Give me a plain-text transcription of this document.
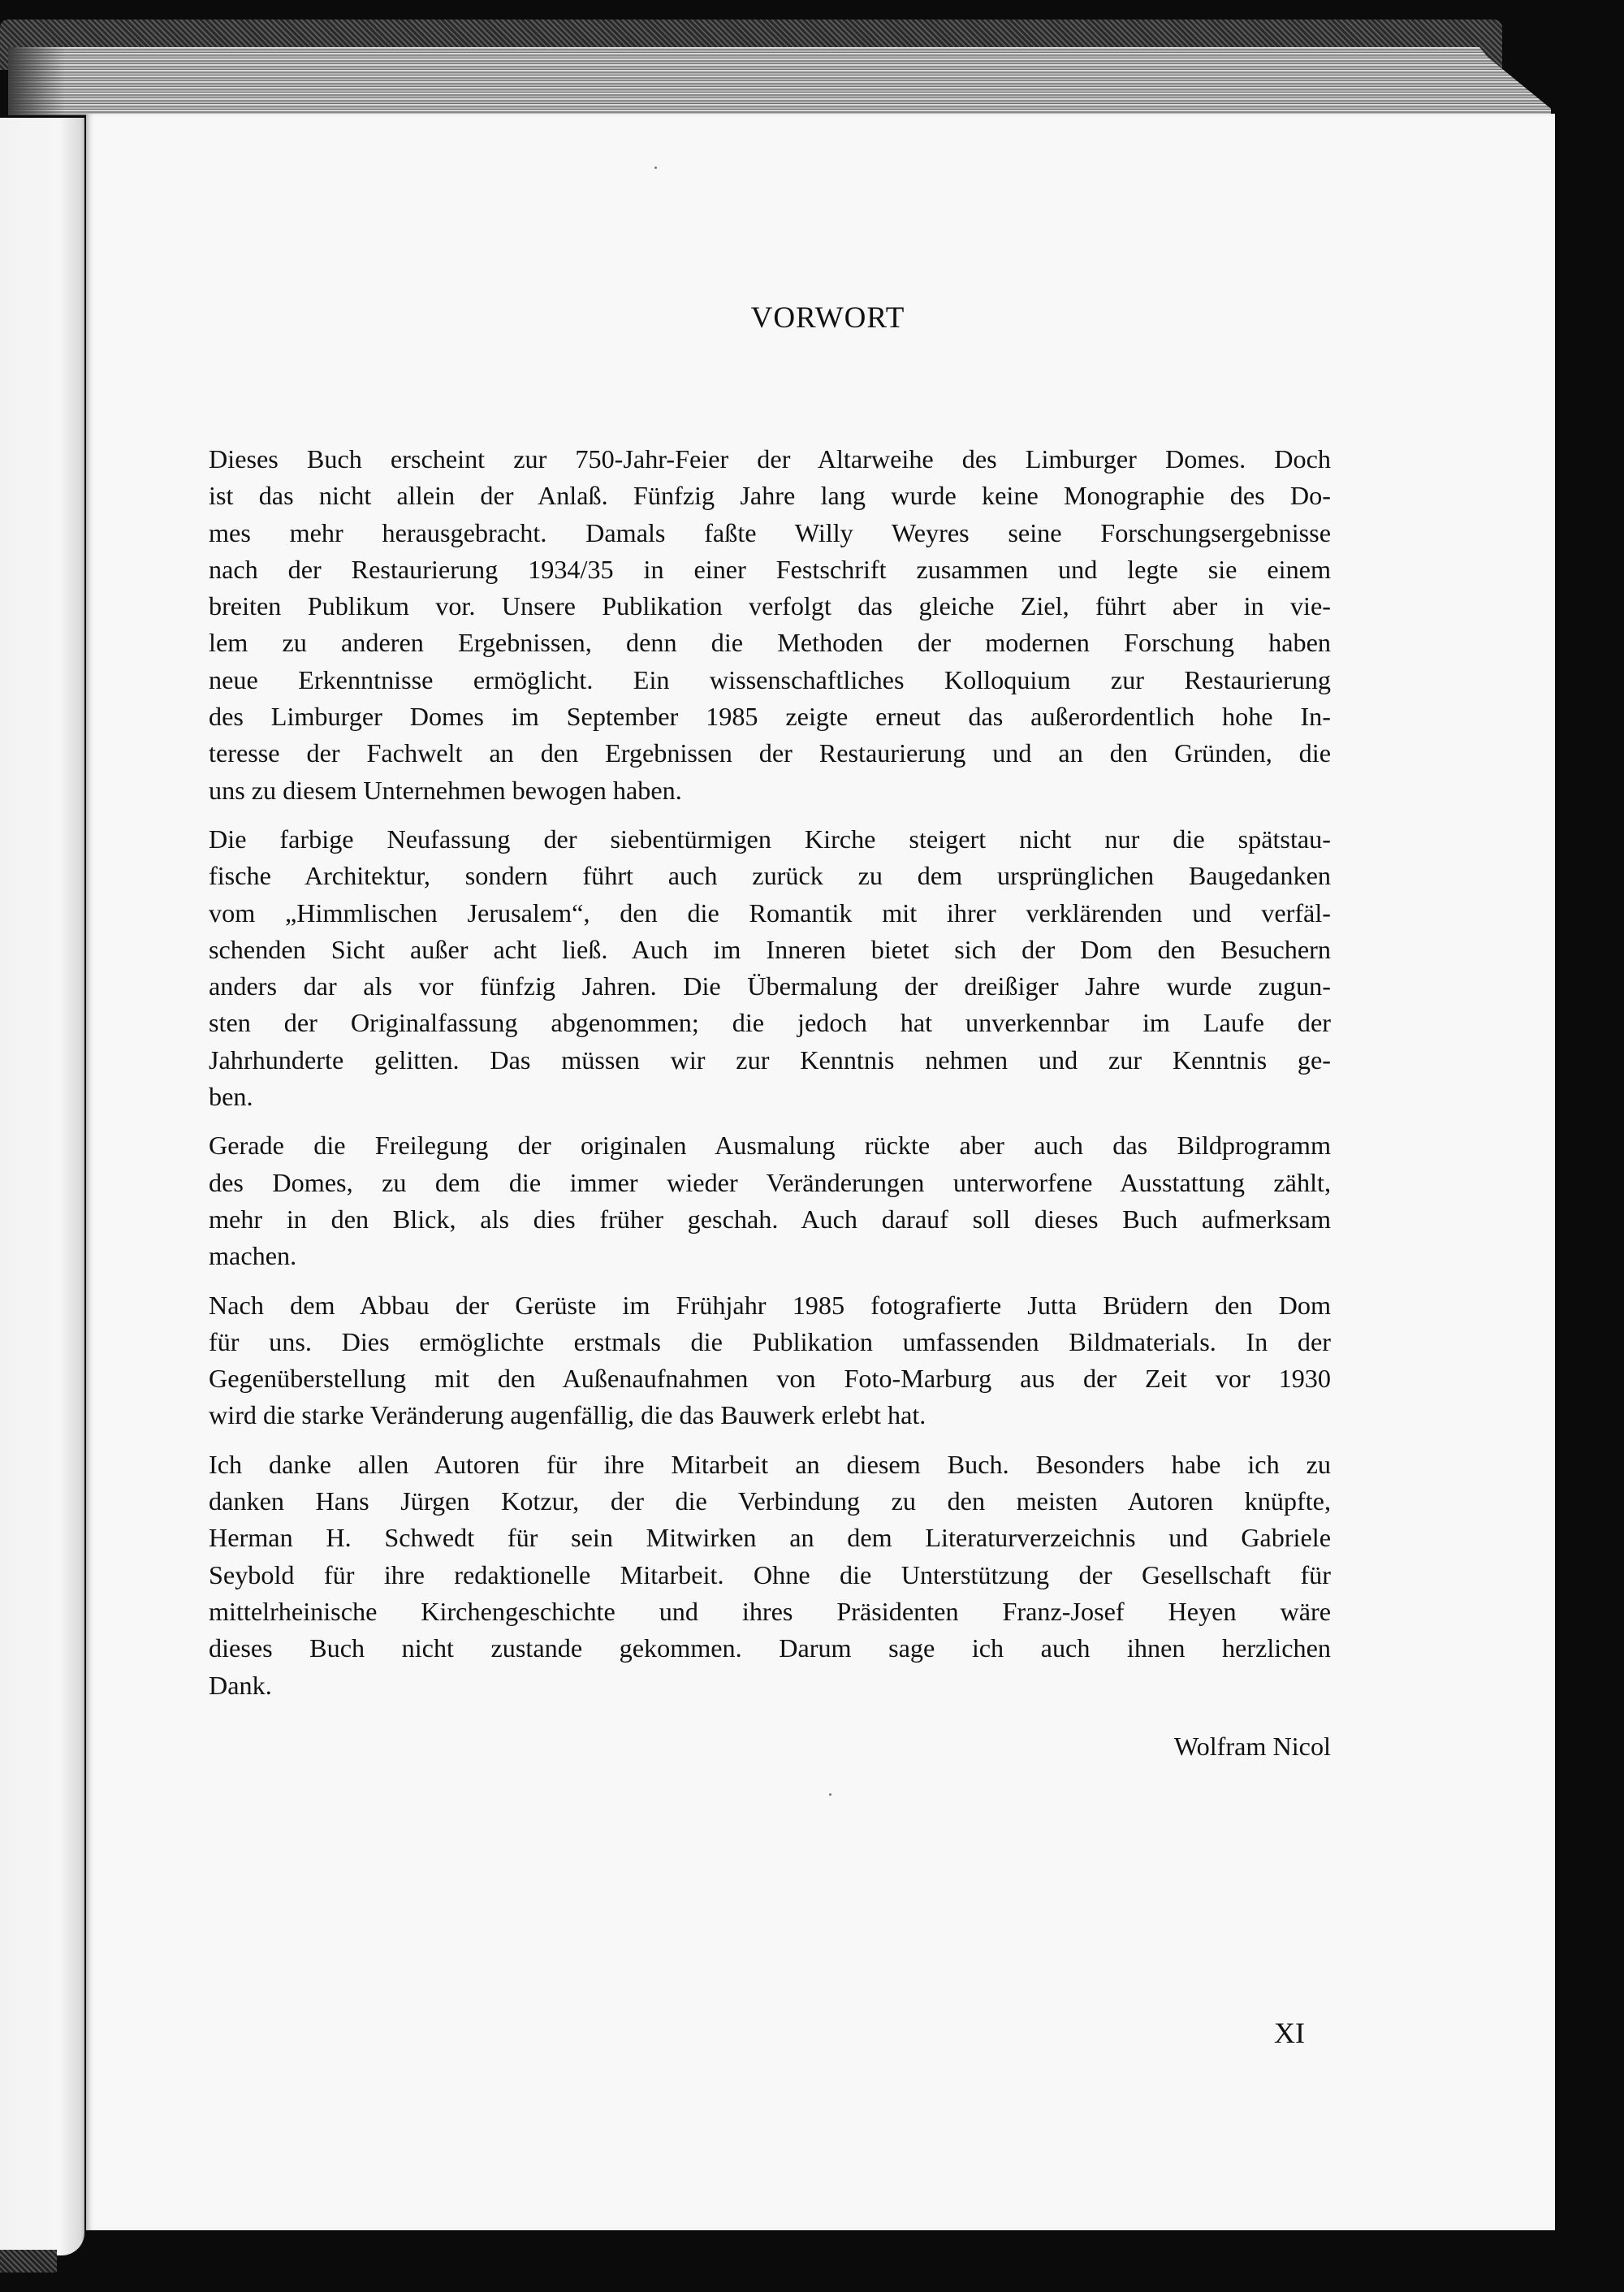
VORWORT

Dieses Buch erscheint zur 750-Jahr-Feier der Altarweihe des Limburger Domes. Doch
ist das nicht allein der Anlaß. Fünfzig Jahre lang wurde keine Monographie des Do-
mes mehr herausgebracht. Damals faßte Willy Weyres seine Forschungsergebnisse
nach der Restaurierung 1934/35 in einer Festschrift zusammen und legte sie einem
breiten Publikum vor. Unsere Publikation verfolgt das gleiche Ziel, führt aber in vie-
lem zu anderen Ergebnissen, denn die Methoden der modernen Forschung haben
neue Erkenntnisse ermöglicht. Ein wissenschaftliches Kolloquium zur Restaurierung
des Limburger Domes im September 1985 zeigte erneut das außerordentlich hohe In-
teresse der Fachwelt an den Ergebnissen der Restaurierung und an den Gründen, die
uns zu diesem Unternehmen bewogen haben.

Die farbige Neufassung der siebentürmigen Kirche steigert nicht nur die spätstau-
fische Architektur, sondern führt auch zurück zu dem ursprünglichen Baugedanken
vom „Himmlischen Jerusalem“, den die Romantik mit ihrer verklärenden und verfäl-
schenden Sicht außer acht ließ. Auch im Inneren bietet sich der Dom den Besuchern
anders dar als vor fünfzig Jahren. Die Übermalung der dreißiger Jahre wurde zugun-
sten der Originalfassung abgenommen; die jedoch hat unverkennbar im Laufe der
Jahrhunderte gelitten. Das müssen wir zur Kenntnis nehmen und zur Kenntnis ge-
ben.

Gerade die Freilegung der originalen Ausmalung rückte aber auch das Bildprogramm
des Domes, zu dem die immer wieder Veränderungen unterworfene Ausstattung zählt,
mehr in den Blick, als dies früher geschah. Auch darauf soll dieses Buch aufmerksam
machen.

Nach dem Abbau der Gerüste im Frühjahr 1985 fotografierte Jutta Brüdern den Dom
für uns. Dies ermöglichte erstmals die Publikation umfassenden Bildmaterials. In der
Gegenüberstellung mit den Außenaufnahmen von Foto-Marburg aus der Zeit vor 1930
wird die starke Veränderung augenfällig, die das Bauwerk erlebt hat.

Ich danke allen Autoren für ihre Mitarbeit an diesem Buch. Besonders habe ich zu
danken Hans Jürgen Kotzur, der die Verbindung zu den meisten Autoren knüpfte,
Herman H. Schwedt für sein Mitwirken an dem Literaturverzeichnis und Gabriele
Seybold für ihre redaktionelle Mitarbeit. Ohne die Unterstützung der Gesellschaft für
mittelrheinische Kirchengeschichte und ihres Präsidenten Franz-Josef Heyen wäre
dieses Buch nicht zustande gekommen. Darum sage ich auch ihnen herzlichen
Dank.

Wolfram Nicol
XI
